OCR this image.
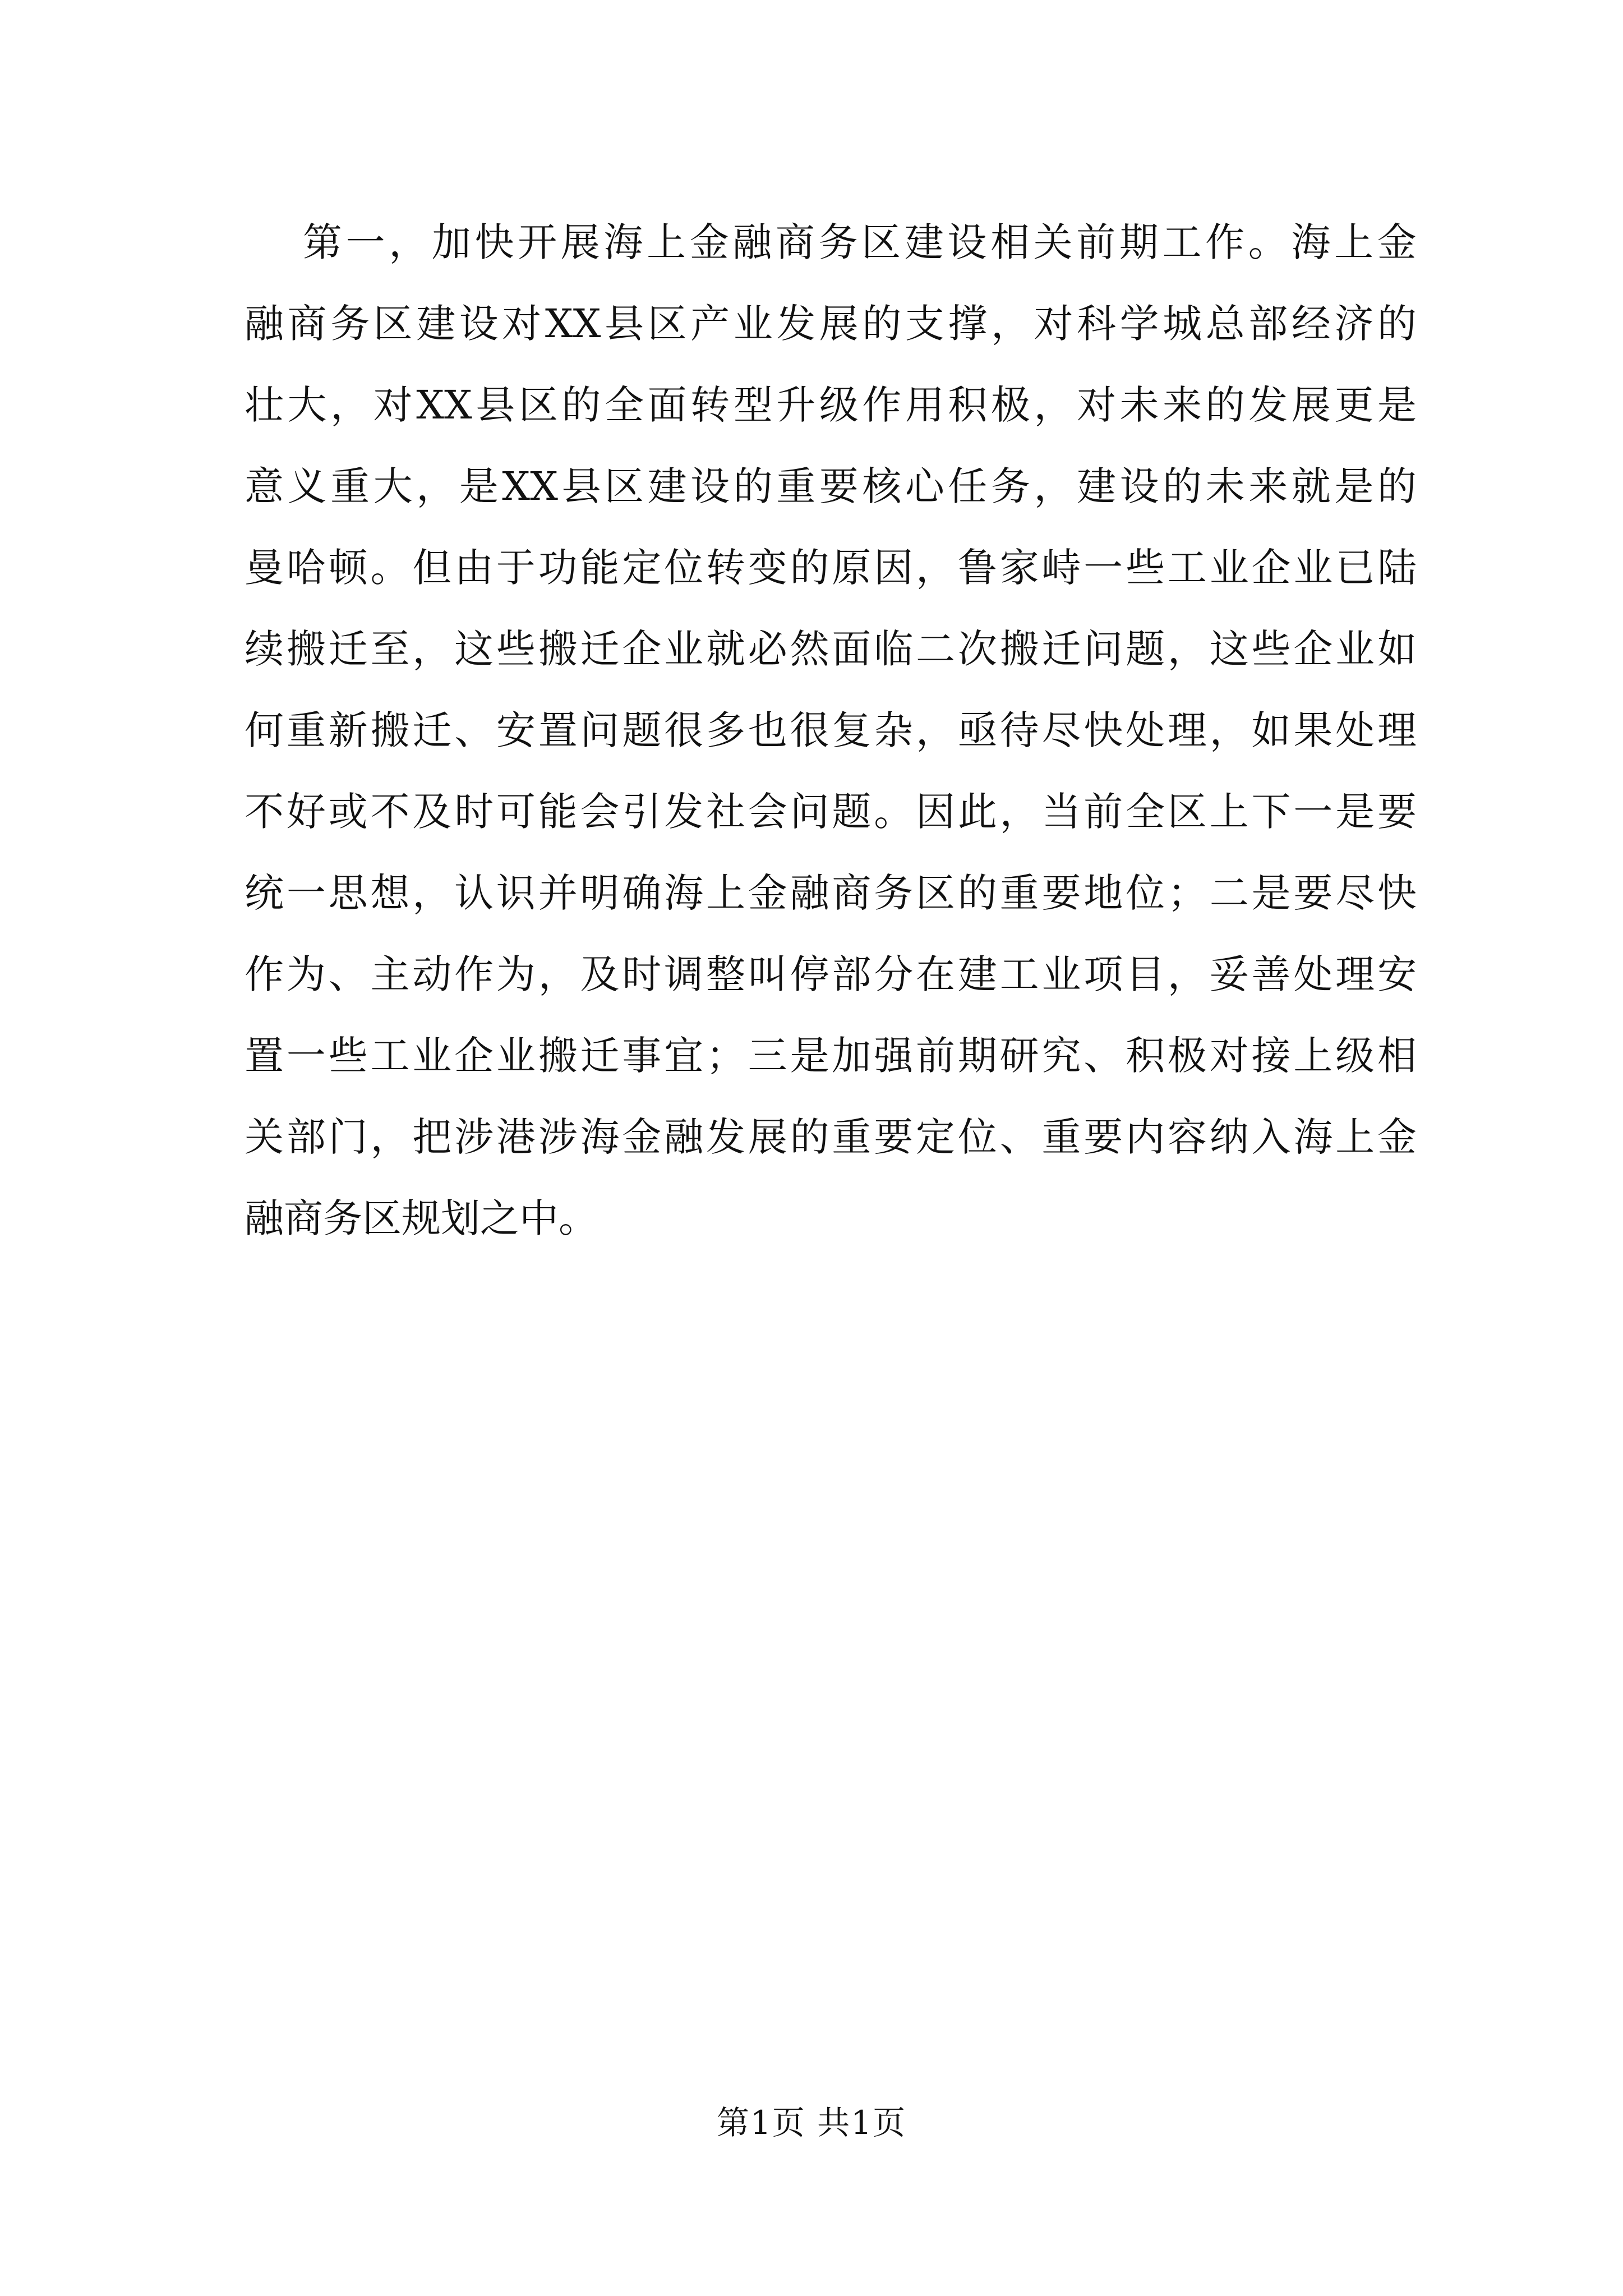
第 一 ， 加 快 开 展 海 上 金 融 商 务 区 建 设 相 关 前 期 工 作 。 海 上 金
融 商 务 区 建 设 对 XX 县 区 产 业 发 展 的 支 撑 ， 对 科 学 城 总 部 经 济 的
壮 大 ， 对 XX 县 区 的 全 面 转 型 升 级 作 用 积 极 ， 对 未 来 的 发 展 更 是
意 义 重 大 ， 是 XX 县 区 建 设 的 重 要 核 心 任 务 ， 建 设 的 未 来 就 是 的
曼 哈 顿 。 但 由 于 功 能 定 位 转 变 的 原 因 ， 鲁 家 峙 一 些 工 业 企 业 已 陆
续 搬 迁 至 ， 这 些 搬 迁 企 业 就 必 然 面 临 二 次 搬 迁 问 题 ， 这 些 企 业 如
何 重 新 搬 迁 、 安 置 问 题 很 多 也 很 复 杂 ， 亟 待 尽 快 处 理 ， 如 果 处 理
不 好 或 不 及 时 可 能 会 引 发 社 会 问 题 。 因 此 ， 当 前 全 区 上 下 一 是 要
统 一 思 想 ， 认 识 并 明 确 海 上 金 融 商 务 区 的 重 要 地 位 ； 二 是 要 尽 快
作 为 、 主 动 作 为 ， 及 时 调 整 叫 停 部 分 在 建 工 业 项 目 ， 妥 善 处 理 安
置 一 些 工 业 企 业 搬 迁 事 宜 ； 三 是 加 强 前 期 研 究 、 积 极 对 接 上 级 相
关 部 门 ， 把 涉 港 涉 海 金 融 发 展 的 重 要 定 位 、 重 要 内 容 纳 入 海 上 金
融 商 务 区 规 划 之 中 。
第1页 共1页
